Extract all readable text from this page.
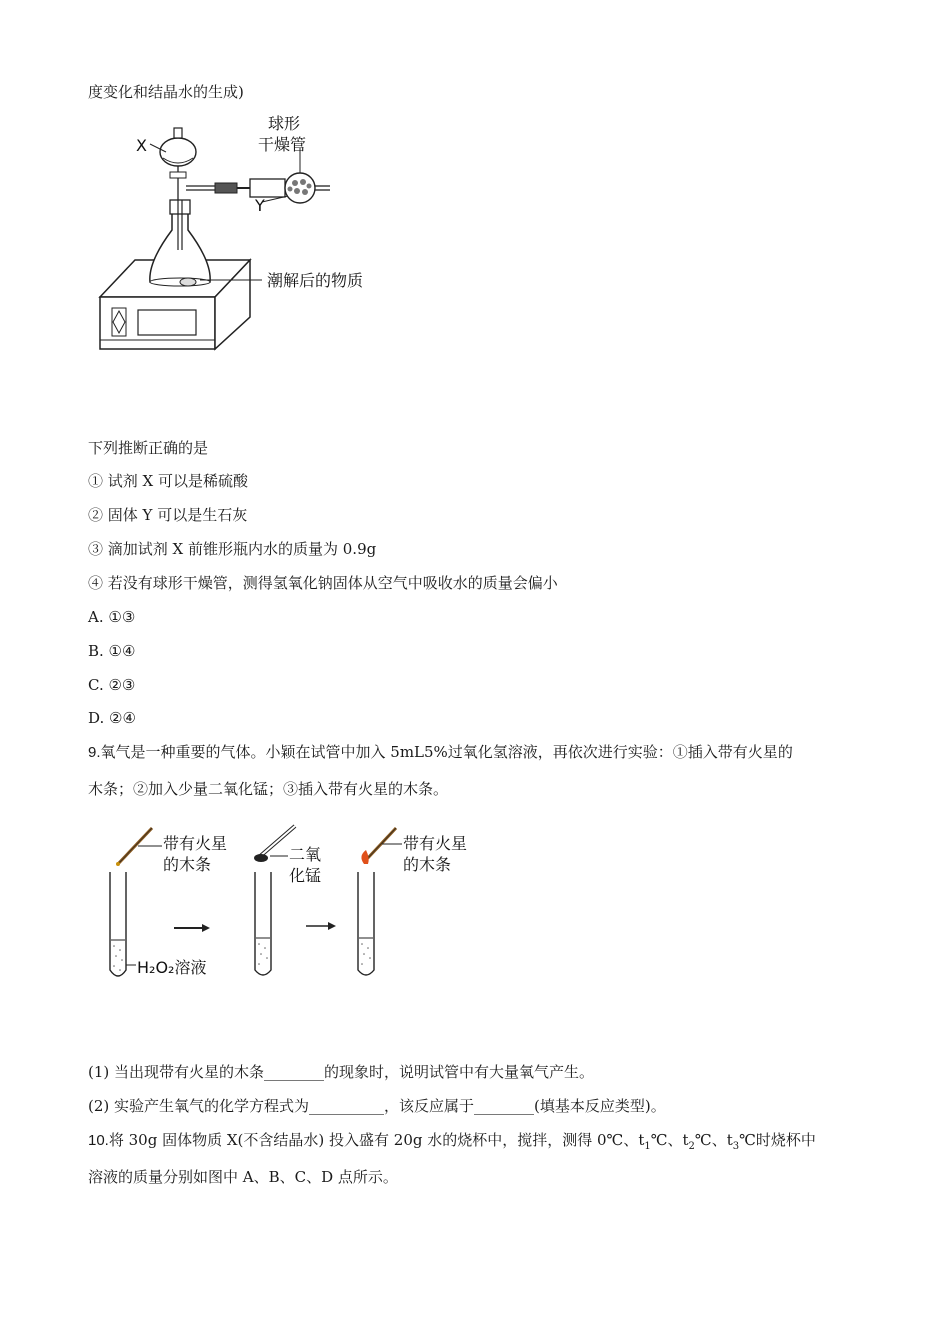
度变化和结晶水的生成)
X
Y
球形
干燥管
潮解后的物质
下列推断正确的是
① 试剂 X 可以是稀硫酸
② 固体 Y 可以是生石灰
③ 滴加试剂 X 前锥形瓶内水的质量为 0.9g
④ 若没有球形干燥管，测得氢氧化钠固体从空气中吸收水的质量会偏小
A. ①③
B. ①④
C. ②③
D. ②④
9.氧气是一种重要的气体。小颖在试管中加入 5mL5%过氧化氢溶液，再依次进行实验：①插入带有火星的
木条；②加入少量二氧化锰；③插入带有火星的木条。
带有火星
的木条
二氧
化锰
带有火星
的木条
H₂O₂溶液
(1) 当出现带有火星的木条________的现象时，说明试管中有大量氧气产生。
(2) 实验产生氧气的化学方程式为__________，该反应属于________(填基本反应类型)。
10.将 30g 固体物质 X(不含结晶水) 投入盛有 20g 水的烧杯中，搅拌，测得 0℃、$t_1℃$、$t_2℃$、$t_3℃$时烧杯中
溶液的质量分别如图中 A、B、C、D 点所示。
